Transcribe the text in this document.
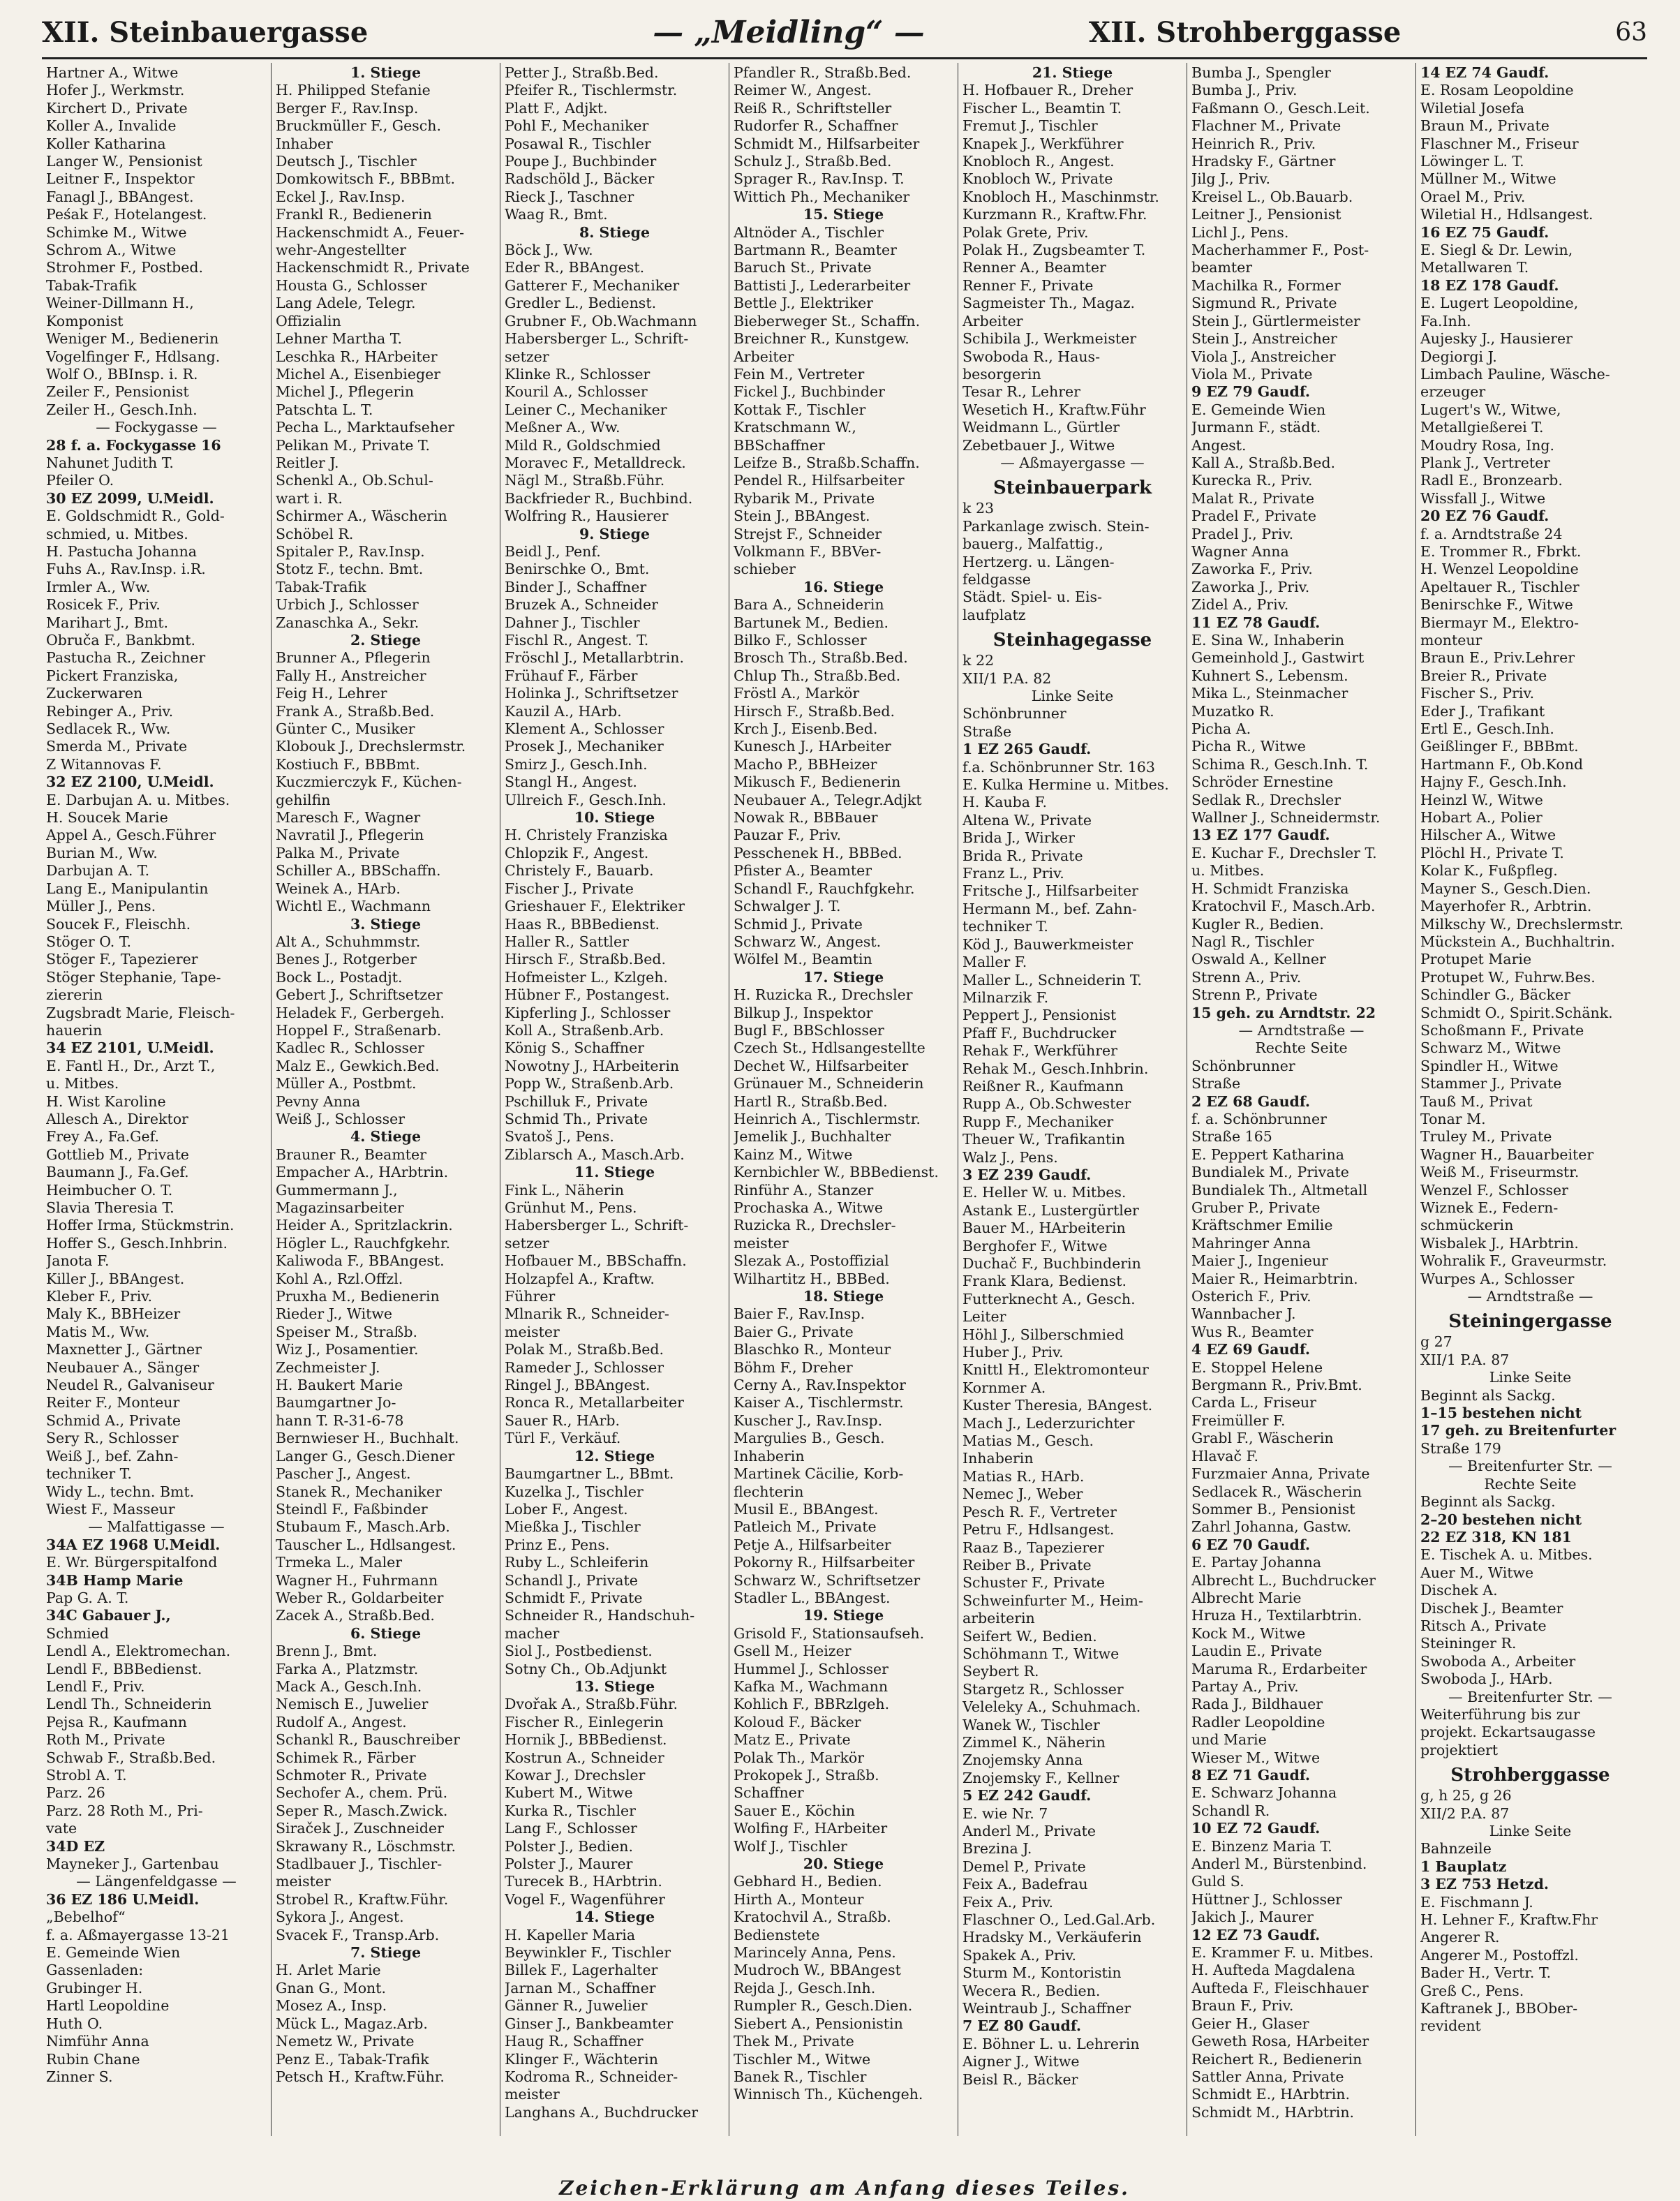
XII. Steinbauergasse	— „Meidling“ —	XII. Strohberggasse	63
Hartner A., Witwe
Hofer J., Werkmstr.
Kirchert D., Private
Koller A., Invalide
Koller Katharina
Langer W., Pensionist
Leitner F., Inspektor
Fanagl J., BBAngest.
Peśak F., Hotelangest.
Schimke M., Witwe
Schrom A., Witwe
Strohmer F., Postbed.
Tabak-Trafik
Weiner-Dillmann H.,
Komponist
Weniger M., Bedienerin
Vogelfinger F., Hdlsang.
Wolf O., BBInsp. i. R.
Zeiler F., Pensionist
Zeiler H., Gesch.Inh.
— Fockygasse —
28 f. a. Fockygasse 16
Nahunet Judith T.
Pfeiler O.
30 EZ 2099, U.Meidl.
E. Goldschmidt R., Gold-
schmied, u. Mitbes.
H. Pastucha Johanna
Fuhs A., Rav.Insp. i.R.
Irmler A., Ww.
Rosicek F., Priv.
Marihart J., Bmt.
Obruča F., Bankbmt.
Pastucha R., Zeichner
Pickert Franziska,
Zuckerwaren
Rebinger A., Priv.
Sedlacek R., Ww.
Smerda M., Private
Z Witannovas F.
32 EZ 2100, U.Meidl.
E. Darbujan A. u. Mitbes.
H. Soucek Marie
Appel A., Gesch.Führer
Burian M., Ww.
Darbujan A. T.
Lang E., Manipulantin
Müller J., Pens.
Soucek F., Fleischh.
Stöger O. T.
Stöger F., Tapezierer
Stöger Stephanie, Tape-
ziererin
Zugsbradt Marie, Fleisch-
hauerin
34 EZ 2101, U.Meidl.
E. Fantl H., Dr., Arzt T.,
u. Mitbes.
H. Wist Karoline
Allesch A., Direktor
Frey A., Fa.Gef.
Gottlieb M., Private
Baumann J., Fa.Gef.
Heimbucher O. T.
Slavia Theresia T.
Hoffer Irma, Stückmstrin.
Hoffer S., Gesch.Inhbrin.
Janota F.
Killer J., BBAngest.
Kleber F., Priv.
Maly K., BBHeizer
Matis M., Ww.
Maxnetter J., Gärtner
Neubauer A., Sänger
Neudel R., Galvaniseur
Reiter F., Monteur
Schmid A., Private
Sery R., Schlosser
Weiß J., bef. Zahn-
techniker T.
Widy L., techn. Bmt.
Wiest F., Masseur
— Malfattigasse —
34A EZ 1968 U.Meidl.
E. Wr. Bürgerspitalfond
34B Hamp Marie
Pap G. A. T.
34C Gabauer J.,
Schmied
Lendl A., Elektromechan.
Lendl F., BBBedienst.
Lendl F., Priv.
Lendl Th., Schneiderin
Pejsa R., Kaufmann
Roth M., Private
Schwab F., Straßb.Bed.
Strobl A. T.
Parz. 26
Parz. 28 Roth M., Pri-
vate
34D EZ
Mayneker J., Gartenbau
— Längenfeldgasse —
36 EZ 186 U.Meidl.
„Bebelhof“
f. a. Aßmayergasse 13-21
E. Gemeinde Wien
Gassenladen:
Grubinger H.
Hartl Leopoldine
Huth O.
Nimführ Anna
Rubin Chane
Zinner S.
1. Stiege
H. Philipped Stefanie
Berger F., Rav.Insp.
Bruckmüller F., Gesch.
Inhaber
Deutsch J., Tischler
Domkowitsch F., BBBmt.
Eckel J., Rav.Insp.
Frankl R., Bedienerin
Hackenschmidt A., Feuer-
wehr-Angestellter
Hackenschmidt R., Private
Housta G., Schlosser
Lang Adele, Telegr.
Offizialin
Lehner Martha T.
Leschka R., HArbeiter
Michel A., Eisenbieger
Michel J., Pflegerin
Patschta L. T.
Pecha L., Marktaufseher
Pelikan M., Private T.
Reitler J.
Schenkl A., Ob.Schul-
wart i. R.
Schirmer A., Wäscherin
Schöbel R.
Spitaler P., Rav.Insp.
Stotz F., techn. Bmt.
Tabak-Trafik
Urbich J., Schlosser
Zanaschka A., Sekr.
2. Stiege
Brunner A., Pflegerin
Fally H., Anstreicher
Feig H., Lehrer
Frank A., Straßb.Bed.
Günter C., Musiker
Klobouk J., Drechslermstr.
Kostiuch F., BBBmt.
Kuczmierczyk F., Küchen-
gehilfin
Maresch F., Wagner
Navratil J., Pflegerin
Palka M., Private
Schiller A., BBSchaffn.
Weinek A., HArb.
Wichtl E., Wachmann
3. Stiege
Alt A., Schuhmmstr.
Benes J., Rotgerber
Bock L., Postadjt.
Gebert J., Schriftsetzer
Heladek F., Gerbergeh.
Hoppel F., Straßenarb.
Kadlec R., Schlosser
Malz E., Gewkich.Bed.
Müller A., Postbmt.
Pevny Anna
Weiß J., Schlosser
4. Stiege
Brauner R., Beamter
Empacher A., HArbtrin.
Gummermann J.,
Magazinsarbeiter
Heider A., Spritzlackrin.
Högler L., Rauchfgkehr.
Kaliwoda F., BBAngest.
Kohl A., Rzl.Offzl.
Pruxha M., Bedienerin
Rieder J., Witwe
Speiser M., Straßb.
Wiz J., Posamentier.
Zechmeister J.
H. Baukert Marie
Baumgartner Jo-
hann T. R-31-6-78
Bernwieser H., Buchhalt.
Langer G., Gesch.Diener
Pascher J., Angest.
Stanek R., Mechaniker
Steindl F., Faßbinder
Stubaum F., Masch.Arb.
Tauscher L., Hdlsangest.
Trmeka L., Maler
Wagner H., Fuhrmann
Weber R., Goldarbeiter
Zacek A., Straßb.Bed.
6. Stiege
Brenn J., Bmt.
Farka A., Platzmstr.
Mack A., Gesch.Inh.
Nemisch E., Juwelier
Rudolf A., Angest.
Schankl R., Bauschreiber
Schimek R., Färber
Schmoter R., Private
Sechofer A., chem. Prü.
Seper R., Masch.Zwick.
Siraček J., Zuschneider
Skrawany R., Löschmstr.
Stadlbauer J., Tischler-
meister
Strobel R., Kraftw.Führ.
Sykora J., Angest.
Svacek F., Transp.Arb.
7. Stiege
H. Arlet Marie
Gnan G., Mont.
Mosez A., Insp.
Mück L., Magaz.Arb.
Nemetz W., Private
Penz E., Tabak-Trafik
Petsch H., Kraftw.Führ.
Petter J., Straßb.Bed.
Pfeifer R., Tischlermstr.
Platt F., Adjkt.
Pohl F., Mechaniker
Posawal R., Tischler
Poupe J., Buchbinder
Radschöld J., Bäcker
Rieck J., Taschner
Waag R., Bmt.
8. Stiege
Böck J., Ww.
Eder R., BBAngest.
Gatterer F., Mechaniker
Gredler L., Bedienst.
Grubner F., Ob.Wachmann
Habersberger L., Schrift-
setzer
Klinke R., Schlosser
Kouril A., Schlosser
Leiner C., Mechaniker
Meßner A., Ww.
Mild R., Goldschmied
Moravec F., Metalldreck.
Nägl M., Straßb.Führ.
Backfrieder R., Buchbind.
Wolfring R., Hausierer
9. Stiege
Beidl J., Penf.
Benirschke O., Bmt.
Binder J., Schaffner
Bruzek A., Schneider
Dahner J., Tischler
Fischl R., Angest. T.
Fröschl J., Metallarbtrin.
Frühauf F., Färber
Holinka J., Schriftsetzer
Kauzil A., HArb.
Klement A., Schlosser
Prosek J., Mechaniker
Smirz J., Gesch.Inh.
Stangl H., Angest.
Ullreich F., Gesch.Inh.
10. Stiege
H. Christely Franziska
Chlopzik F., Angest.
Christely F., Bauarb.
Fischer J., Private
Grieshauer F., Elektriker
Haas R., BBBedienst.
Haller R., Sattler
Hirsch F., Straßb.Bed.
Hofmeister L., Kzlgeh.
Hübner F., Postangest.
Kipferling J., Schlosser
Koll A., Straßenb.Arb.
König S., Schaffner
Nowotny J., HArbeiterin
Popp W., Straßenb.Arb.
Pschilluk F., Private
Schmid Th., Private
Svatoš J., Pens.
Ziblarsch A., Masch.Arb.
11. Stiege
Fink L., Näherin
Grünhut M., Pens.
Habersberger L., Schrift-
setzer
Hofbauer M., BBSchaffn.
Holzapfel A., Kraftw.
Führer
Mlnarik R., Schneider-
meister
Polak M., Straßb.Bed.
Rameder J., Schlosser
Ringel J., BBAngest.
Ronca R., Metallarbeiter
Sauer R., HArb.
Türl F., Verkäuf.
12. Stiege
Baumgartner L., BBmt.
Kuzelka J., Tischler
Lober F., Angest.
Mießka J., Tischler
Prinz E., Pens.
Ruby L., Schleiferin
Schandl J., Private
Schmidt F., Private
Schneider R., Handschuh-
macher
Siol J., Postbedienst.
Sotny Ch., Ob.Adjunkt
13. Stiege
Dvořak A., Straßb.Führ.
Fischer R., Einlegerin
Hornik J., BBBedienst.
Kostrun A., Schneider
Kowar J., Drechsler
Kubert M., Witwe
Kurka R., Tischler
Lang F., Schlosser
Polster J., Bedien.
Polster J., Maurer
Turecek B., HArbtrin.
Vogel F., Wagenführer
14. Stiege
H. Kapeller Maria
Beywinkler F., Tischler
Billek F., Lagerhalter
Jarnan M., Schaffner
Gänner R., Juwelier
Ginser J., Bankbeamter
Haug R., Schaffner
Klinger F., Wächterin
Kodroma R., Schneider-
meister
Langhans A., Buchdrucker
Pfandler R., Straßb.Bed.
Reimer W., Angest.
Reiß R., Schriftsteller
Rudorfer R., Schaffner
Schmidt M., Hilfsarbeiter
Schulz J., Straßb.Bed.
Sprager R., Rav.Insp. T.
Wittich Ph., Mechaniker
15. Stiege
Altnöder A., Tischler
Bartmann R., Beamter
Baruch St., Private
Battisti J., Lederarbeiter
Bettle J., Elektriker
Bieberweger St., Schaffn.
Breichner R., Kunstgew.
Arbeiter
Fein M., Vertreter
Fickel J., Buchbinder
Kottak F., Tischler
Kratschmann W.,
BBSchaffner
Leifze B., Straßb.Schaffn.
Pendel R., Hilfsarbeiter
Rybarik M., Private
Stein J., BBAngest.
Strejst F., Schneider
Volkmann F., BBVer-
schieber
16. Stiege
Bara A., Schneiderin
Bartunek M., Bedien.
Bilko F., Schlosser
Brosch Th., Straßb.Bed.
Chlup Th., Straßb.Bed.
Fröstl A., Markör
Hirsch F., Straßb.Bed.
Krch J., Eisenb.Bed.
Kunesch J., HArbeiter
Macho P., BBHeizer
Mikusch F., Bedienerin
Neubauer A., Telegr.Adjkt
Nowak R., BBBauer
Pauzar F., Priv.
Pesschenek H., BBBed.
Pfister A., Beamter
Schandl F., Rauchfgkehr.
Schwalger J. T.
Schmid J., Private
Schwarz W., Angest.
Wölfel M., Beamtin
17. Stiege
H. Ruzicka R., Drechsler
Bilkup J., Inspektor
Bugl F., BBSchlosser
Czech St., Hdlsangestellte
Dechet W., Hilfsarbeiter
Grünauer M., Schneiderin
Hartl R., Straßb.Bed.
Heinrich A., Tischlermstr.
Jemelik J., Buchhalter
Kainz M., Witwe
Kernbichler W., BBBedienst.
Rinführ A., Stanzer
Prochaska A., Witwe
Ruzicka R., Drechsler-
meister
Slezak A., Postoffizial
Wilhartitz H., BBBed.
18. Stiege
Baier F., Rav.Insp.
Baier G., Private
Blaschko R., Monteur
Böhm F., Dreher
Cerny A., Rav.Inspektor
Kaiser A., Tischlermstr.
Kuscher J., Rav.Insp.
Margulies B., Gesch.
Inhaberin
Martinek Cäcilie, Korb-
flechterin
Musil E., BBAngest.
Patleich M., Private
Petje A., Hilfsarbeiter
Pokorny R., Hilfsarbeiter
Schwarz W., Schriftsetzer
Stadler L., BBAngest.
19. Stiege
Grisold F., Stationsaufseh.
Gsell M., Heizer
Hummel J., Schlosser
Kafka M., Wachmann
Kohlich F., BBRzlgeh.
Koloud F., Bäcker
Matz E., Private
Polak Th., Markör
Prokopek J., Straßb.
Schaffner
Sauer E., Köchin
Wolfing F., HArbeiter
Wolf J., Tischler
20. Stiege
Gebhard H., Bedien.
Hirth A., Monteur
Kratochvil A., Straßb.
Bedienstete
Marincely Anna, Pens.
Mudroch W., BBAngest
Rejda J., Gesch.Inh.
Rumpler R., Gesch.Dien.
Siebert A., Pensionistin
Thek M., Private
Tischler M., Witwe
Banek R., Tischler
Winnisch Th., Küchengeh.
21. Stiege
H. Hofbauer R., Dreher
Fischer L., Beamtin T.
Fremut J., Tischler
Knapek J., Werkführer
Knobloch R., Angest.
Knobloch W., Private
Knobloch H., Maschinmstr.
Kurzmann R., Kraftw.Fhr.
Polak Grete, Priv.
Polak H., Zugsbeamter T.
Renner A., Beamter
Renner F., Private
Sagmeister Th., Magaz.
Arbeiter
Schibila J., Werkmeister
Swoboda R., Haus-
besorgerin
Tesar R., Lehrer
Wesetich H., Kraftw.Führ
Weidmann L., Gürtler
Zebetbauer J., Witwe
— Aßmayergasse —
Steinbauerpark
k 23
Parkanlage zwisch. Stein-
bauerg., Malfattig.,
Hertzerg. u. Längen-
feldgasse
Städt. Spiel- u. Eis-
laufplatz
Steinhagegasse
k 22
XII/1 P.A. 82
Linke Seite
Schönbrunner
Straße
1 EZ 265 Gaudf.
f.a. Schönbrunner Str. 163
E. Kulka Hermine u. Mitbes.
H. Kauba F.
Altena W., Private
Brida J., Wirker
Brida R., Private
Franz L., Priv.
Fritsche J., Hilfsarbeiter
Hermann M., bef. Zahn-
techniker T.
Köd J., Bauwerkmeister
Maller F.
Maller L., Schneiderin T.
Milnarzik F.
Peppert J., Pensionist
Pfaff F., Buchdrucker
Rehak F., Werkführer
Rehak M., Gesch.Inhbrin.
Reißner R., Kaufmann
Rupp A., Ob.Schwester
Rupp F., Mechaniker
Theuer W., Trafikantin
Walz J., Pens.
3 EZ 239 Gaudf.
E. Heller W. u. Mitbes.
Astank E., Lustergürtler
Bauer M., HArbeiterin
Berghofer F., Witwe
Duchač F., Buchbinderin
Frank Klara, Bedienst.
Futterknecht A., Gesch.
Leiter
Höhl J., Silberschmied
Huber J., Priv.
Knittl H., Elektromonteur
Kornmer A.
Kuster Theresia, BAngest.
Mach J., Lederzurichter
Matias M., Gesch.
Inhaberin
Matias R., HArb.
Nemec J., Weber
Pesch R. F., Vertreter
Petru F., Hdlsangest.
Raaz B., Tapezierer
Reiber B., Private
Schuster F., Private
Schweinfurter M., Heim-
arbeiterin
Seifert W., Bedien.
Schöhmann T., Witwe
Seybert R.
Stargetz R., Schlosser
Veleleky A., Schuhmach.
Wanek W., Tischler
Zimmel K., Näherin
Znojemsky Anna
Znojemsky F., Kellner
5 EZ 242 Gaudf.
E. wie Nr. 7
Anderl M., Private
Brezina J.
Demel P., Private
Feix A., Badefrau
Feix A., Priv.
Flaschner O., Led.Gal.Arb.
Hradsky M., Verkäuferin
Spakek A., Priv.
Sturm M., Kontoristin
Wecera R., Bedien.
Weintraub J., Schaffner
7 EZ 80 Gaudf.
E. Böhner L. u. Lehrerin
Aigner J., Witwe
Beisl R., Bäcker
Bumba J., Spengler
Bumba J., Priv.
Faßmann O., Gesch.Leit.
Flachner M., Private
Heinrich R., Priv.
Hradsky F., Gärtner
Jilg J., Priv.
Kreisel L., Ob.Bauarb.
Leitner J., Pensionist
Lichl J., Pens.
Macherhammer F., Post-
beamter
Machilka R., Former
Sigmund R., Private
Stein J., Gürtlermeister
Stein J., Anstreicher
Viola J., Anstreicher
Viola M., Private
9 EZ 79 Gaudf.
E. Gemeinde Wien
Jurmann F., städt.
Angest.
Kall A., Straßb.Bed.
Kurecka R., Priv.
Malat R., Private
Pradel F., Private
Pradel J., Priv.
Wagner Anna
Zaworka F., Priv.
Zaworka J., Priv.
Zidel A., Priv.
11 EZ 78 Gaudf.
E. Sina W., Inhaberin
Gemeinhold J., Gastwirt
Kuhnert S., Lebensm.
Mika L., Steinmacher
Muzatko R.
Picha A.
Picha R., Witwe
Schima R., Gesch.Inh. T.
Schröder Ernestine
Sedlak R., Drechsler
Wallner J., Schneidermstr.
13 EZ 177 Gaudf.
E. Kuchar F., Drechsler T.
u. Mitbes.
H. Schmidt Franziska
Kratochvil F., Masch.Arb.
Kugler R., Bedien.
Nagl R., Tischler
Oswald A., Kellner
Strenn A., Priv.
Strenn P., Private
15 geh. zu Arndtstr. 22
— Arndtstraße —
Rechte Seite
Schönbrunner
Straße
2 EZ 68 Gaudf.
f. a. Schönbrunner
Straße 165
E. Peppert Katharina
Bundialek M., Private
Bundialek Th., Altmetall
Gruber P., Private
Kräftschmer Emilie
Mahringer Anna
Maier J., Ingenieur
Maier R., Heimarbtrin.
Osterich F., Priv.
Wannbacher J.
Wus R., Beamter
4 EZ 69 Gaudf.
E. Stoppel Helene
Bergmann R., Priv.Bmt.
Carda L., Friseur
Freimüller F.
Grabl F., Wäscherin
Hlavač F.
Furzmaier Anna, Private
Sedlacek R., Wäscherin
Sommer B., Pensionist
Zahrl Johanna, Gastw.
6 EZ 70 Gaudf.
E. Partay Johanna
Albrecht L., Buchdrucker
Albrecht Marie
Hruza H., Textilarbtrin.
Kock M., Witwe
Laudin E., Private
Maruma R., Erdarbeiter
Partay A., Priv.
Rada J., Bildhauer
Radler Leopoldine
und Marie
Wieser M., Witwe
8 EZ 71 Gaudf.
E. Schwarz Johanna
Schandl R.
10 EZ 72 Gaudf.
E. Binzenz Maria T.
Anderl M., Bürstenbind.
Guld S.
Hüttner J., Schlosser
Jakich J., Maurer
12 EZ 73 Gaudf.
E. Krammer F. u. Mitbes.
H. Aufteda Magdalena
Aufteda F., Fleischhauer
Braun F., Priv.
Geier H., Glaser
Geweth Rosa, HArbeiter
Reichert R., Bedienerin
Sattler Anna, Private
Schmidt E., HArbtrin.
Schmidt M., HArbtrin.
14 EZ 74 Gaudf.
E. Rosam Leopoldine
Wiletial Josefa
Braun M., Private
Flaschner M., Friseur
Löwinger L. T.
Müllner M., Witwe
Orael M., Priv.
Wiletial H., Hdlsangest.
16 EZ 75 Gaudf.
E. Siegl & Dr. Lewin,
Metallwaren T.
18 EZ 178 Gaudf.
E. Lugert Leopoldine,
Fa.Inh.
Aujesky J., Hausierer
Degiorgi J.
Limbach Pauline, Wäsche-
erzeuger
Lugert's W., Witwe,
Metallgießerei T.
Moudry Rosa, Ing.
Plank J., Vertreter
Radl E., Bronzearb.
Wissfall J., Witwe
20 EZ 76 Gaudf.
f. a. Arndtstraße 24
E. Trommer R., Fbrkt.
H. Wenzel Leopoldine
Apeltauer R., Tischler
Benirschke F., Witwe
Biermayr M., Elektro-
monteur
Braun E., Priv.Lehrer
Breier R., Private
Fischer S., Priv.
Eder J., Trafikant
Ertl E., Gesch.Inh.
Geißlinger F., BBBmt.
Hartmann F., Ob.Kond
Hajny F., Gesch.Inh.
Heinzl W., Witwe
Hobart A., Polier
Hilscher A., Witwe
Plöchl H., Private T.
Kolar K., Fußpfleg.
Mayner S., Gesch.Dien.
Mayerhofer R., Arbtrin.
Milkschy W., Drechslermstr.
Mückstein A., Buchhaltrin.
Protupet Marie
Protupet W., Fuhrw.Bes.
Schindler G., Bäcker
Schmidt O., Spirit.Schänk.
Schoßmann F., Private
Schwarz M., Witwe
Spindler H., Witwe
Stammer J., Private
Tauß M., Privat
Tonar M.
Truley M., Private
Wagner H., Bauarbeiter
Weiß M., Friseurmstr.
Wenzel F., Schlosser
Wiznek E., Federn-
schmückerin
Wisbalek J., HArbtrin.
Wohralik F., Graveurmstr.
Wurpes A., Schlosser
— Arndtstraße —
Steiningergasse
g 27
XII/1 P.A. 87
Linke Seite
Beginnt als Sackg.
1–15 bestehen nicht
17 geh. zu Breitenfurter
Straße 179
— Breitenfurter Str. —
Rechte Seite
Beginnt als Sackg.
2–20 bestehen nicht
22 EZ 318, KN 181
E. Tischek A. u. Mitbes.
Auer M., Witwe
Dischek A.
Dischek J., Beamter
Ritsch A., Private
Steininger R.
Swoboda A., Arbeiter
Swoboda J., HArb.
— Breitenfurter Str. —
Weiterführung bis zur
projekt. Eckartsaugasse
projektiert
Strohberggasse
g, h 25, g 26
XII/2 P.A. 87
Linke Seite
Bahnzeile
1 Bauplatz
3 EZ 753 Hetzd.
E. Fischmann J.
H. Lehner F., Kraftw.Fhr
Angerer R.
Angerer M., Postoffzl.
Bader H., Vertr. T.
Greß C., Pens.
Kaftranek J., BBOber-
revident
Zeichen-Erklärung am Anfang dieses Teiles.
